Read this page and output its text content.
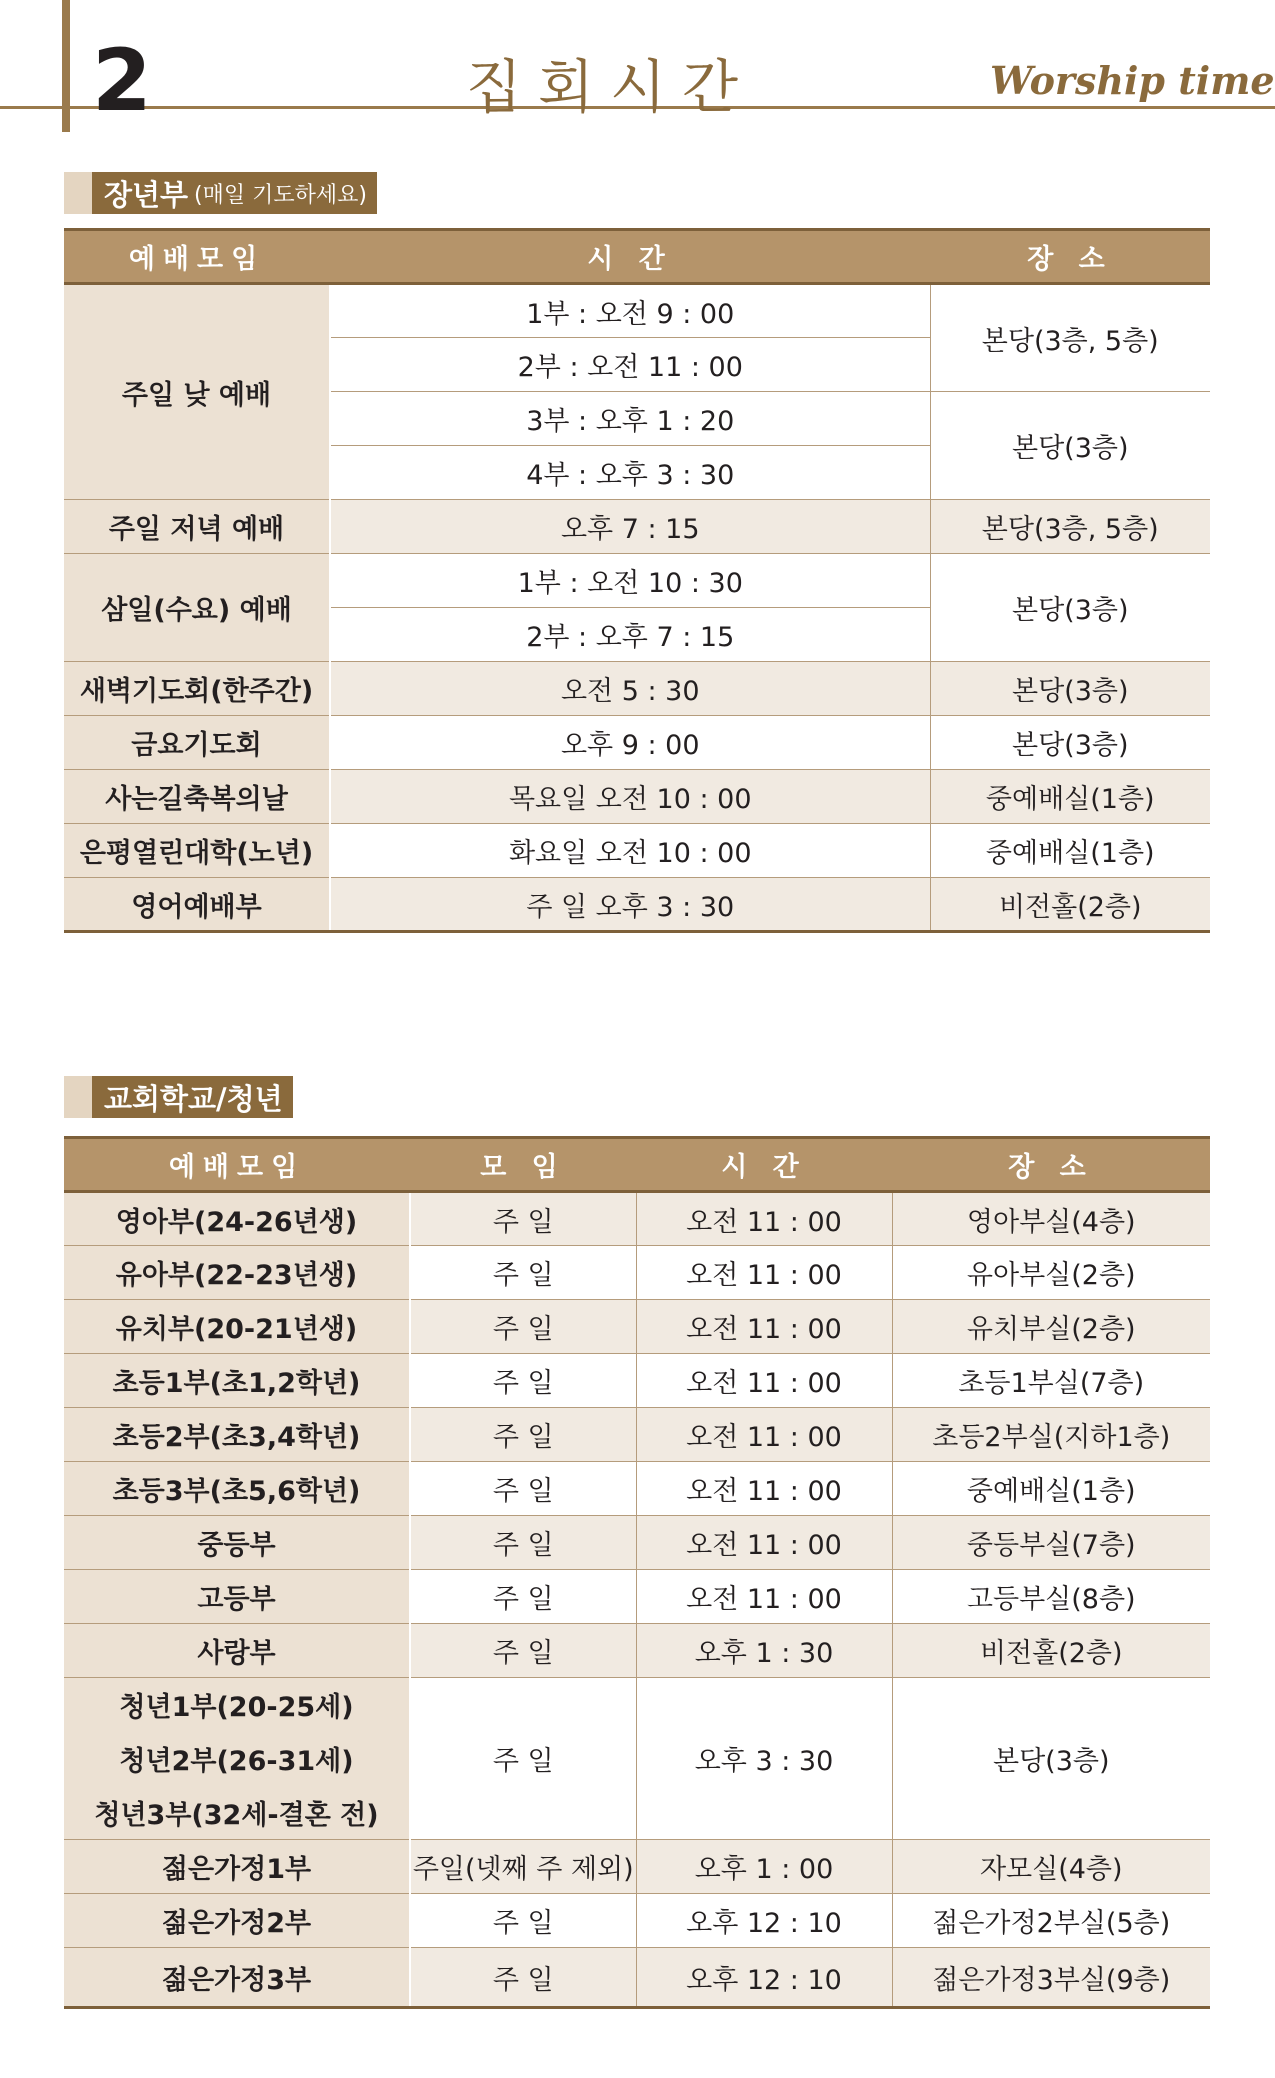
2	집회시간	Worship time
장년부 (매일 기도하세요)
예배모임	시 간	장 소
주일 낮 예배	1부 : 오전 9 : 00	본당(3층, 5층)
	2부 : 오전 11 : 00	
	3부 : 오후 1 : 20	본당(3층)
	4부 : 오후 3 : 30	
주일 저녁 예배	오후 7 : 15	본당(3층, 5층)
삼일(수요) 예배	1부 : 오전 10 : 30	본당(3층)
	2부 : 오후 7 : 15	
새벽기도회(한주간)	오전 5 : 30	본당(3층)
금요기도회	오후 9 : 00	본당(3층)
사는길축복의날	목요일 오전 10 : 00	중예배실(1층)
은평열린대학(노년)	화요일 오전 10 : 00	중예배실(1층)
영어예배부	주 일 오후 3 : 30	비전홀(2층)
교회학교/청년
예배모임	모 임	시 간	장 소
영아부(24-26년생)	주 일	오전 11 : 00	영아부실(4층)
유아부(22-23년생)	주 일	오전 11 : 00	유아부실(2층)
유치부(20-21년생)	주 일	오전 11 : 00	유치부실(2층)
초등1부(초1,2학년)	주 일	오전 11 : 00	초등1부실(7층)
초등2부(초3,4학년)	주 일	오전 11 : 00	초등2부실(지하1층)
초등3부(초5,6학년)	주 일	오전 11 : 00	중예배실(1층)
중등부	주 일	오전 11 : 00	중등부실(7층)
고등부	주 일	오전 11 : 00	고등부실(8층)
사랑부	주 일	오후 1 : 30	비전홀(2층)
청년1부(20-25세)	주 일	오후 3 : 30	본당(3층)
청년2부(26-31세)			
청년3부(32세-결혼 전)			
젊은가정1부	주일(넷째 주 제외)	오후 1 : 00	자모실(4층)
젊은가정2부	주 일	오후 12 : 10	젊은가정2부실(5층)
젊은가정3부	주 일	오후 12 : 10	젊은가정3부실(9층)
